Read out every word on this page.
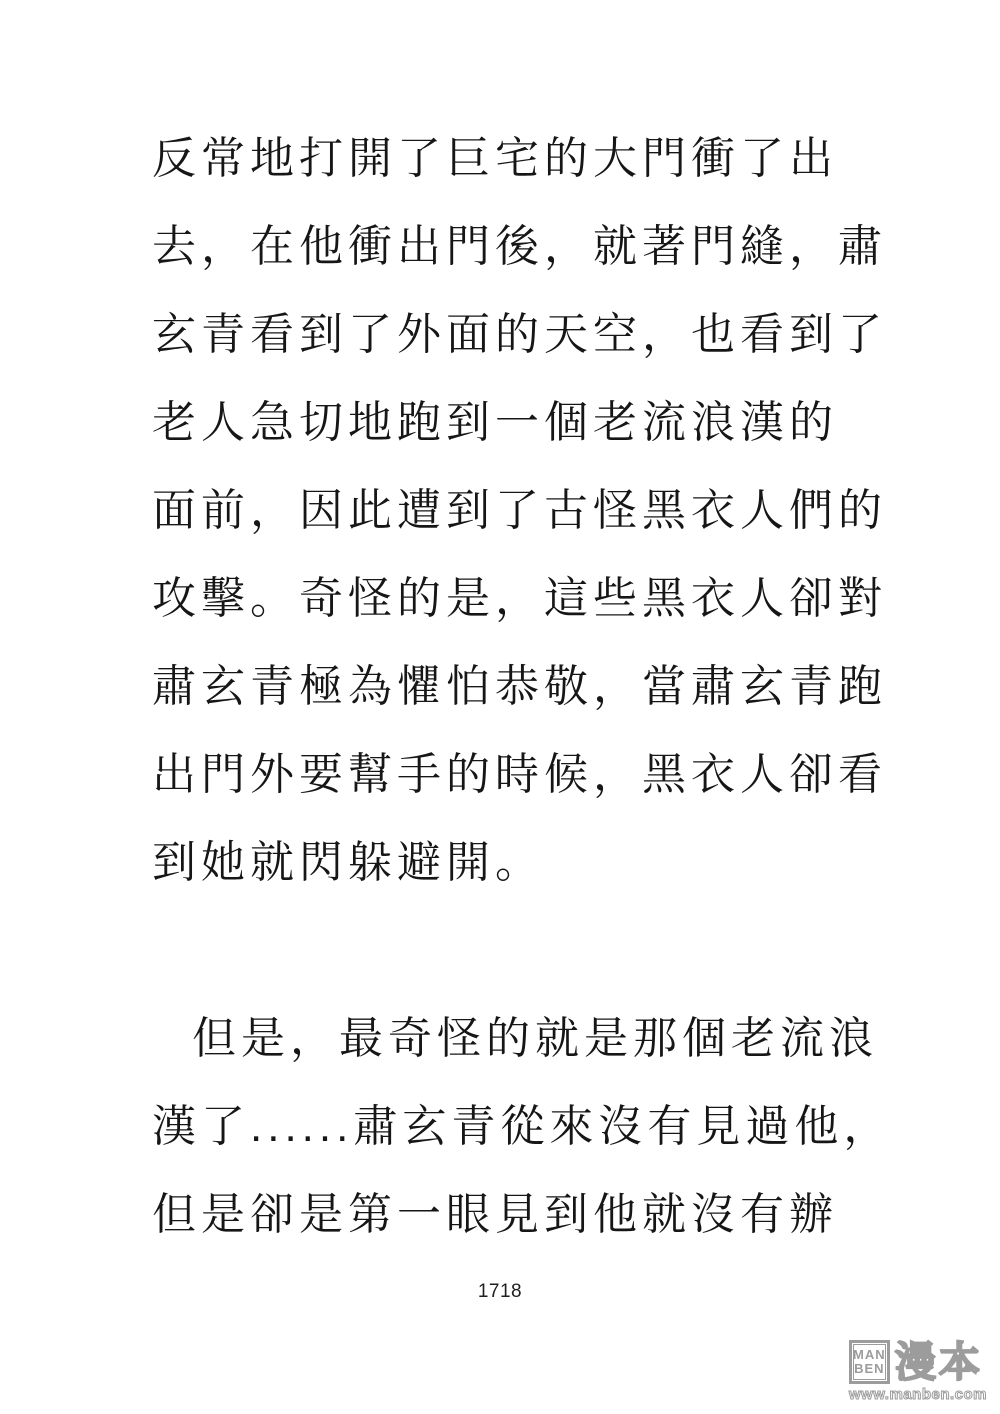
反常地打開了巨宅的大門衝了出
去，在他衝出門後，就著門縫，肅
玄青看到了外面的天空，也看到了
老人急切地跑到一個老流浪漢的
面前，因此遭到了古怪黑衣人們的
攻擊。奇怪的是，這些黑衣人卻對
肅玄青極為懼怕恭敬，當肅玄青跑
出門外要幫手的時候，黑衣人卻看
到她就閃躲避開。
但是，最奇怪的就是那個老流浪
漢了......肅玄青從來沒有見過他，
但是卻是第一眼見到他就沒有辦
1718
MAN
BEN 漫本
www.manben.com
